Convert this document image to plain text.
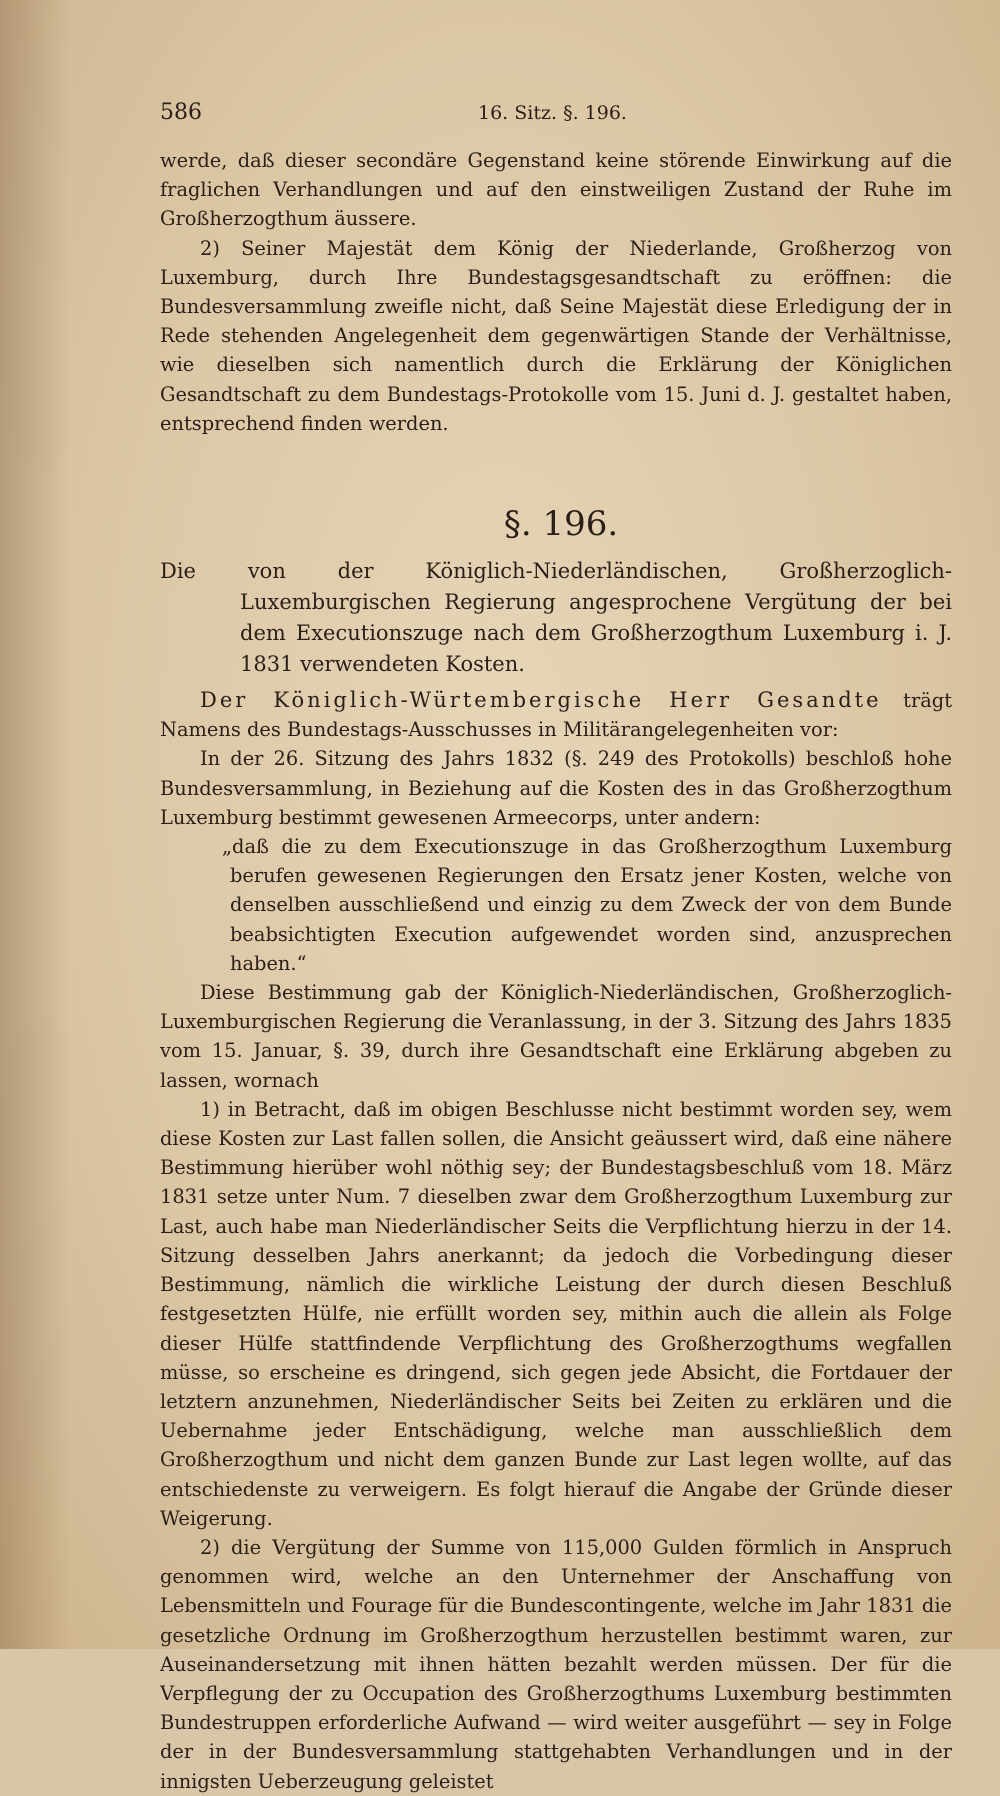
586	16. Sitz. §. 196.

werde, daß dieser secondäre Gegenstand keine störende Einwirkung auf die fraglichen Verhandlungen und auf den einstweiligen Zustand der Ruhe im Großherzogthum äussere.

2) Seiner Majestät dem König der Niederlande, Großherzog von Luxemburg, durch Ihre Bundestagsgesandtschaft zu eröffnen: die Bundesversammlung zweifle nicht, daß Seine Majestät diese Erledigung der in Rede stehenden Angelegenheit dem gegenwärtigen Stande der Verhältnisse, wie dieselben sich namentlich durch die Erklärung der Königlichen Gesandtschaft zu dem Bundestags-Protokolle vom 15. Juni d. J. gestaltet haben, entsprechend finden werden.

§. 196.

Die von der Königlich-Niederländischen, Großherzoglich-Luxemburgischen Regierung angesprochene Vergütung der bei dem Executionszuge nach dem Großherzogthum Luxemburg i. J. 1831 verwendeten Kosten.

Der Königlich-Würtembergische Herr Gesandte trägt Namens des Bundestags-Ausschusses in Militärangelegenheiten vor:

In der 26. Sitzung des Jahrs 1832 (§. 249 des Protokolls) beschloß hohe Bundesversammlung, in Beziehung auf die Kosten des in das Großherzogthum Luxemburg bestimmt gewesenen Armeecorps, unter andern:

„daß die zu dem Executionszuge in das Großherzogthum Luxemburg berufen gewesenen Regierungen den Ersatz jener Kosten, welche von denselben ausschließend und einzig zu dem Zweck der von dem Bunde beabsichtigten Execution aufgewendet worden sind, anzusprechen haben.“

Diese Bestimmung gab der Königlich-Niederländischen, Großherzoglich-Luxemburgischen Regierung die Veranlassung, in der 3. Sitzung des Jahrs 1835 vom 15. Januar, §. 39, durch ihre Gesandtschaft eine Erklärung abgeben zu lassen, wornach

1) in Betracht, daß im obigen Beschlusse nicht bestimmt worden sey, wem diese Kosten zur Last fallen sollen, die Ansicht geäussert wird, daß eine nähere Bestimmung hierüber wohl nöthig sey; der Bundestagsbeschluß vom 18. März 1831 setze unter Num. 7 dieselben zwar dem Großherzogthum Luxemburg zur Last, auch habe man Niederländischer Seits die Verpflichtung hierzu in der 14. Sitzung desselben Jahrs anerkannt; da jedoch die Vorbedingung dieser Bestimmung, nämlich die wirkliche Leistung der durch diesen Beschluß festgesetzten Hülfe, nie erfüllt worden sey, mithin auch die allein als Folge dieser Hülfe stattfindende Verpflichtung des Großherzogthums wegfallen müsse, so erscheine es dringend, sich gegen jede Absicht, die Fortdauer der letztern anzunehmen, Niederländischer Seits bei Zeiten zu erklären und die Uebernahme jeder Entschädigung, welche man ausschließlich dem Großherzogthum und nicht dem ganzen Bunde zur Last legen wollte, auf das entschiedenste zu verweigern. Es folgt hierauf die Angabe der Gründe dieser Weigerung.

2) die Vergütung der Summe von 115,000 Gulden förmlich in Anspruch genommen wird, welche an den Unternehmer der Anschaffung von Lebensmitteln und Fourage für die Bundescontingente, welche im Jahr 1831 die gesetzliche Ordnung im Großherzogthum herzustellen bestimmt waren, zur Auseinandersetzung mit ihnen hätten bezahlt werden müssen. Der für die Verpflegung der zu Occupation des Großherzogthums Luxemburg bestimmten Bundestruppen erforderliche Aufwand — wird weiter ausgeführt — sey in Folge der in der Bundesversammlung stattgehabten Verhandlungen und in der innigsten Ueberzeugung geleistet
